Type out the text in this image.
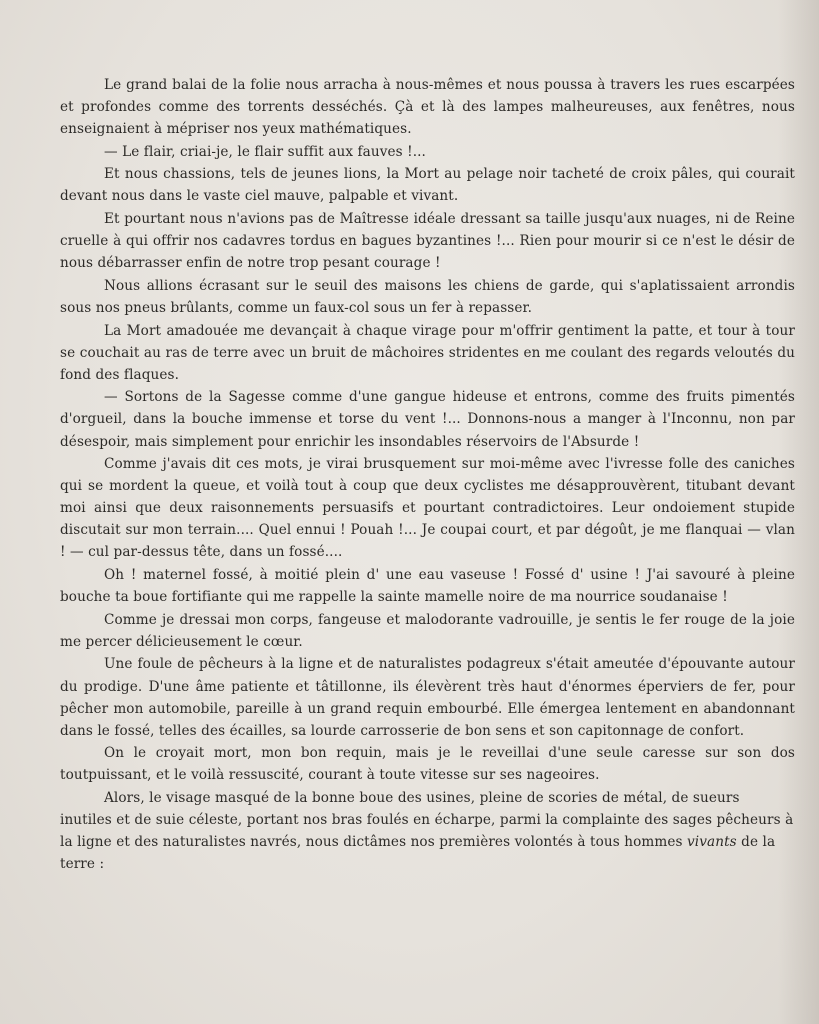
Le grand balai de la folie nous arracha à nous-mêmes et nous poussa à travers les rues escarpées et profondes comme des torrents desséchés. Çà et là des lampes malheureuses, aux fenêtres, nous enseignaient à mépriser nos yeux mathématiques.

— Le flair, criai-je, le flair suffit aux fauves !...

Et nous chassions, tels de jeunes lions, la Mort au pelage noir tacheté de croix pâles, qui courait devant nous dans le vaste ciel mauve, palpable et vivant.

Et pourtant nous n'avions pas de Maîtresse idéale dressant sa taille jusqu'aux nuages, ni de Reine cruelle à qui offrir nos cadavres tordus en bagues byzantines !... Rien pour mourir si ce n'est le désir de nous débarrasser enfin de notre trop pesant courage !

Nous allions écrasant sur le seuil des maisons les chiens de garde, qui s'aplatissaient arrondis sous nos pneus brûlants, comme un faux-col sous un fer à repasser.

La Mort amadouée me devançait à chaque virage pour m'offrir gentiment la patte, et tour à tour se couchait au ras de terre avec un bruit de mâchoires stridentes en me coulant des regards veloutés du fond des flaques.

— Sortons de la Sagesse comme d'une gangue hideuse et entrons, comme des fruits pimentés d'orgueil, dans la bouche immense et torse du vent !... Donnons-nous a manger à l'Inconnu, non par désespoir, mais simplement pour enrichir les insondables réservoirs de l'Absurde !

Comme j'avais dit ces mots, je virai brusquement sur moi-même avec l'ivresse folle des caniches qui se mordent la queue, et voilà tout à coup que deux cyclistes me désapprouvèrent, titubant devant moi ainsi que deux raisonnements persuasifs et pourtant contradictoires. Leur ondoiement stupide discutait sur mon terrain.... Quel ennui ! Pouah !... Je coupai court, et par dégoût, je me flanquai — vlan ! — cul par-dessus tête, dans un fossé....

Oh ! maternel fossé, à moitié plein d' une eau vaseuse ! Fossé d' usine ! J'ai savouré à pleine bouche ta boue fortifiante qui me rappelle la sainte mamelle noire de ma nourrice soudanaise !

Comme je dressai mon corps, fangeuse et malodorante vadrouille, je sentis le fer rouge de la joie me percer délicieusement le cœur.

Une foule de pêcheurs à la ligne et de naturalistes podagreux s'était ameutée d'épouvante autour du prodige. D'une âme patiente et tâtillonne, ils élevèrent très haut d'énormes éperviers de fer, pour pêcher mon automobile, pareille à un grand requin embourbé. Elle émergea lentement en abandonnant dans le fossé, telles des écailles, sa lourde carrosserie de bon sens et son capitonnage de confort.

On le croyait mort, mon bon requin, mais je le reveillai d'une seule caresse sur son dos toutpuissant, et le voilà ressuscité, courant à toute vitesse sur ses nageoires.

Alors, le visage masqué de la bonne boue des usines, pleine de scories de métal, de sueurs inutiles et de suie céleste, portant nos bras foulés en écharpe, parmi la complainte des sages pêcheurs à la ligne et des naturalistes navrés, nous dictâmes nos premières volontés à tous hommes vivants de la terre :
